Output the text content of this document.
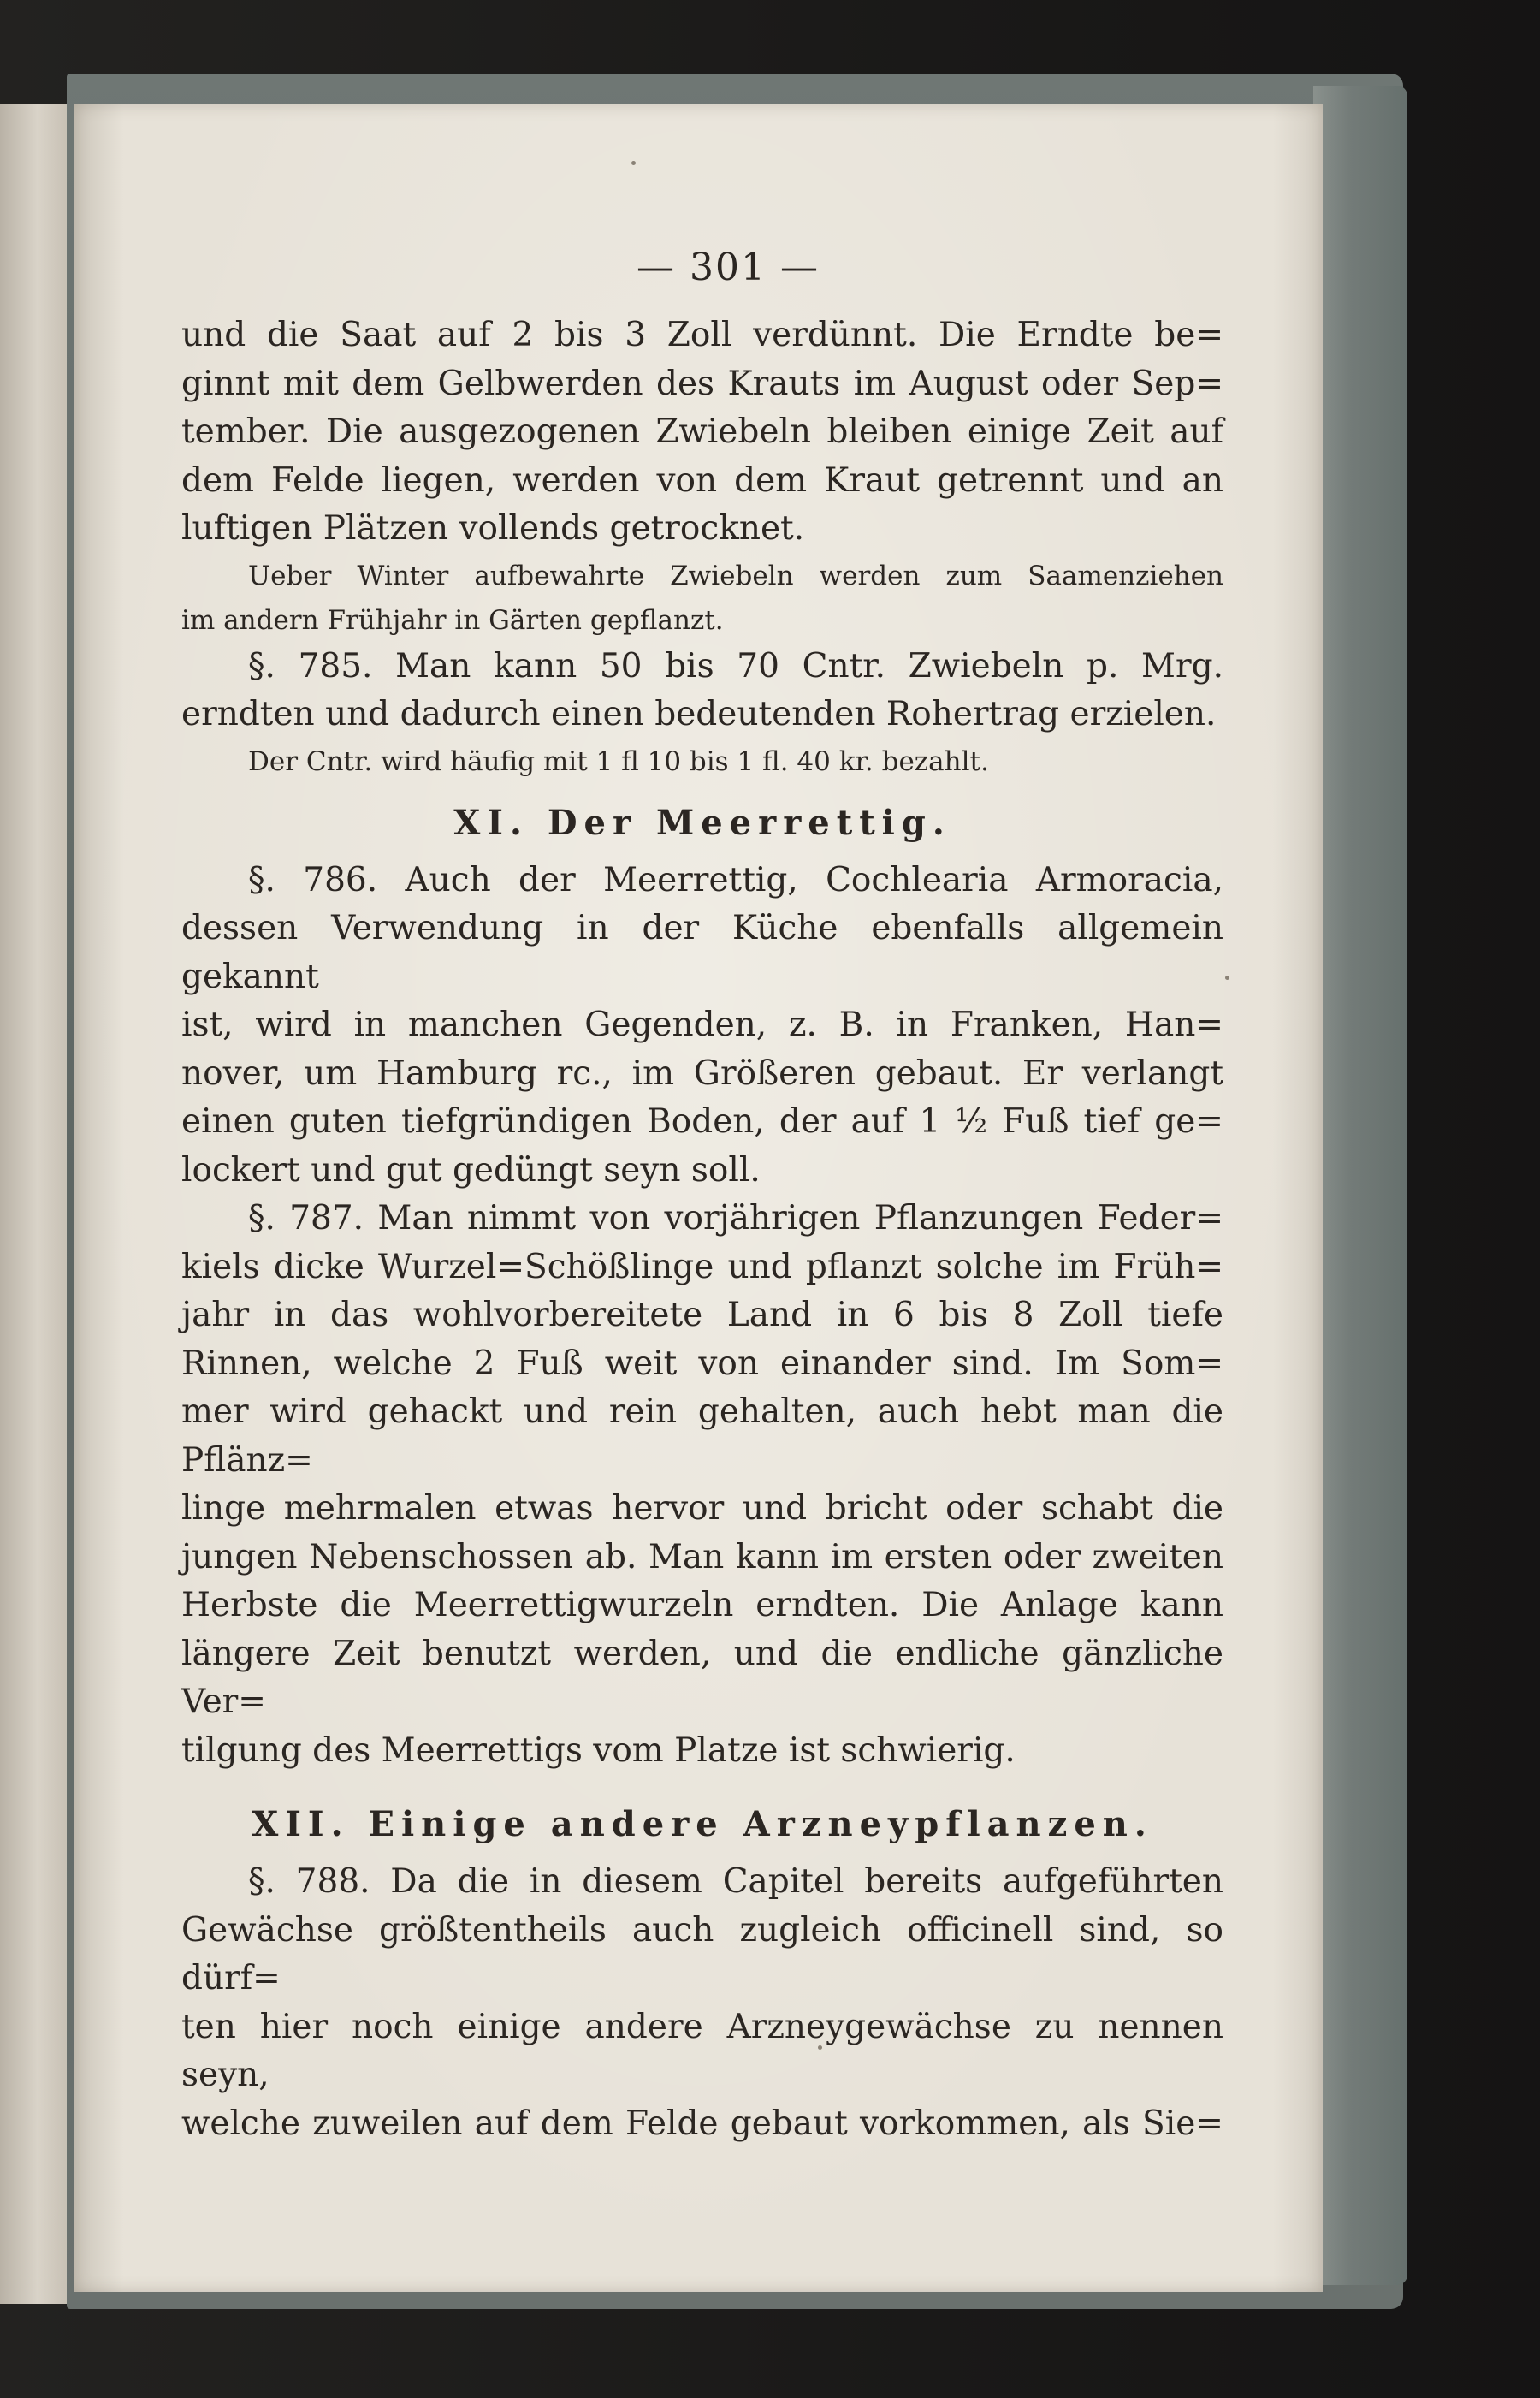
— 301 —
und die Saat auf 2 bis 3 Zoll verdünnt. Die Erndte be=
ginnt mit dem Gelbwerden des Krauts im August oder Sep=
tember. Die ausgezogenen Zwiebeln bleiben einige Zeit auf
dem Felde liegen, werden von dem Kraut getrennt und an
luftigen Plätzen vollends getrocknet.
Ueber Winter aufbewahrte Zwiebeln werden zum Saamenziehen
im andern Frühjahr in Gärten gepflanzt.
§. 785. Man kann 50 bis 70 Cntr. Zwiebeln p. Mrg.
erndten und dadurch einen bedeutenden Rohertrag erzielen.
Der Cntr. wird häufig mit 1 fl 10 bis 1 fl. 40 kr. bezahlt.
XI. Der Meerrettig.
§. 786. Auch der Meerrettig, Cochlearia Armoracia,
dessen Verwendung in der Küche ebenfalls allgemein gekannt
ist, wird in manchen Gegenden, z. B. in Franken, Han=
nover, um Hamburg rc., im Größeren gebaut. Er verlangt
einen guten tiefgründigen Boden, der auf 1 ½ Fuß tief ge=
lockert und gut gedüngt seyn soll.
§. 787. Man nimmt von vorjährigen Pflanzungen Feder=
kiels dicke Wurzel=Schößlinge und pflanzt solche im Früh=
jahr in das wohlvorbereitete Land in 6 bis 8 Zoll tiefe
Rinnen, welche 2 Fuß weit von einander sind. Im Som=
mer wird gehackt und rein gehalten, auch hebt man die Pflänz=
linge mehrmalen etwas hervor und bricht oder schabt die
jungen Nebenschossen ab. Man kann im ersten oder zweiten
Herbste die Meerrettigwurzeln erndten. Die Anlage kann
längere Zeit benutzt werden, und die endliche gänzliche Ver=
tilgung des Meerrettigs vom Platze ist schwierig.
XII. Einige andere Arzneypflanzen.
§. 788. Da die in diesem Capitel bereits aufgeführten
Gewächse größtentheils auch zugleich officinell sind, so dürf=
ten hier noch einige andere Arzneygewächse zu nennen seyn,
welche zuweilen auf dem Felde gebaut vorkommen, als Sie=
